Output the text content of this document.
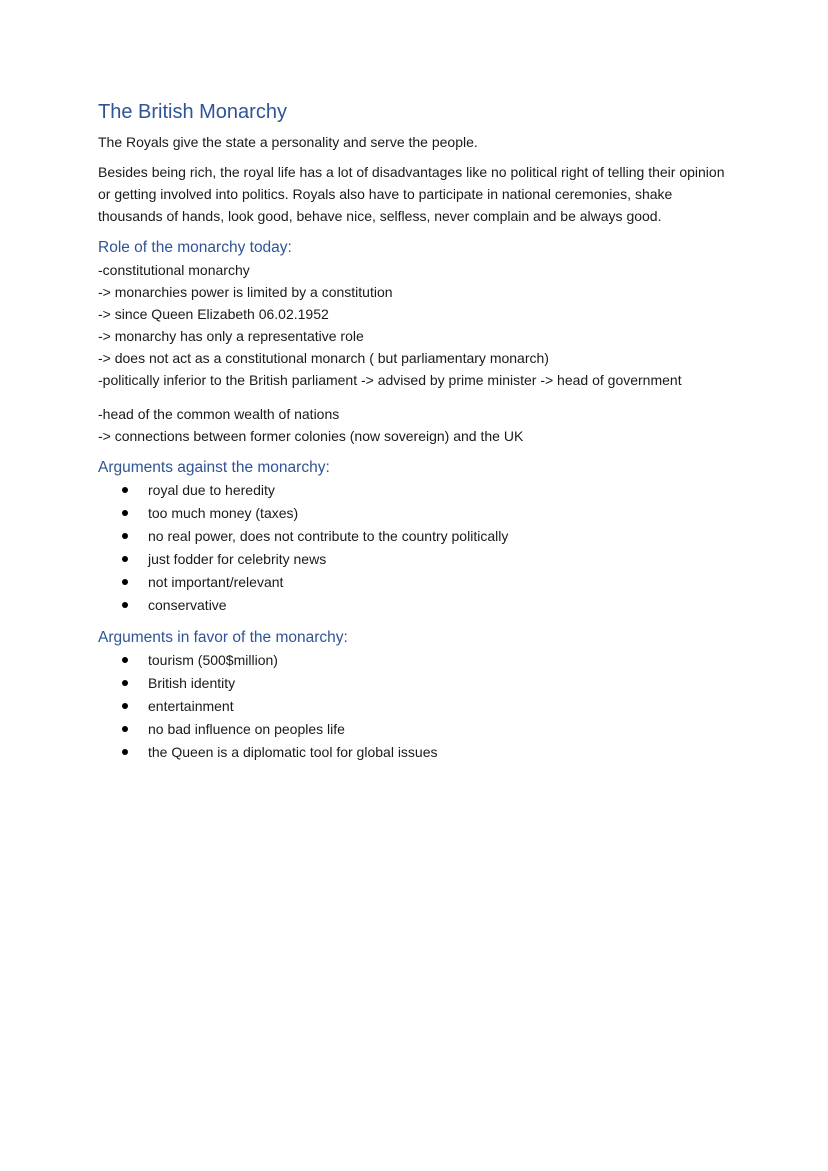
The British Monarchy

The Royals give the state a personality and serve the people.

Besides being rich, the royal life has a lot of disadvantages like no political right of telling their opinion or getting involved into politics. Royals also have to participate in national ceremonies, shake thousands of hands, look good, behave nice, selfless, never complain and be always good.

Role of the monarchy today:

-constitutional monarchy

-> monarchies power is limited by a constitution

-> since Queen Elizabeth 06.02.1952

-> monarchy has only a representative role

-> does not act as a constitutional monarch ( but parliamentary monarch)

-politically inferior to the British parliament -> advised by prime minister -> head of government

-head of the common wealth of nations

-> connections between former colonies (now sovereign) and the UK

Arguments against the monarchy:
royal due to heredity
too much money (taxes)
no real power, does not contribute to the country politically
just fodder for celebrity news
not important/relevant
conservative
Arguments in favor of the monarchy:
tourism (500$million)
British identity
entertainment
no bad influence on peoples life
the Queen is a diplomatic tool for global issues
